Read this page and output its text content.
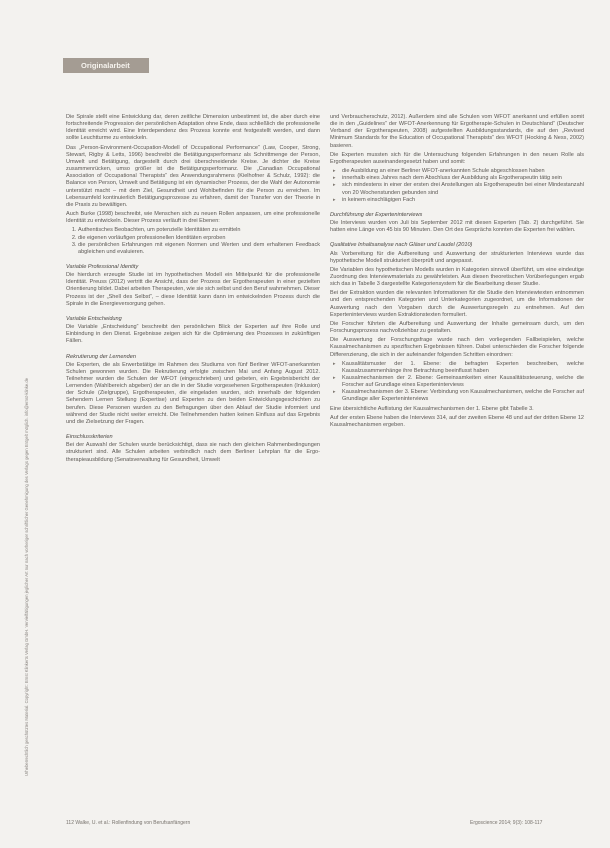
Originalarbeit
Urheberrechtlich geschütztes Material. Copyright: Ernst Klinkerts Verlag GmbH. Vervielfältigungen jeglicher Art nur nach vorheriger schriftlicher Genehmigung des Verlags gegen Entgelt möglich. info@ernst-klinke.de

Die Spirale stellt eine Entwicklung dar, deren zeitliche Dimension unbestimmt ist, die aber durch eine fortschreitende Progression der persönlichen Adaptation ohne Ende, dass schließlich die professionelle Identität erreicht wird. Eine Interdependenz des Prozess konnte erst festgestellt werden, und dann sollte Leuchtturme zu entwickeln.

Das „Person-Environment-Occupation-Modell of Occupational Performance“ (Law, Cooper, Strong, Stewart, Rigby & Letts, 1996) beschreibt die Betätigungsperformanz als Schnittmenge der Person, Umwelt und Betätigung, dargestellt durch drei überschneidende Kreise. Je dichter die Kreise zusammenrücken, umso größer ist die Betätigungsperformanz. Die „Canadian Occupational Association of Occupational Therapists“ des Anwendungsrahmens (Kielhofner & Schulz, 1992): die Balance von Person, Umwelt und Betätigung ist ein dynamischer Prozess, der die Wahl der Autonomie unterstützt macht – mit dem Ziel, Gesundheit und Wohlbefinden für die Person zu erreichen. Im Lebensumfeld kontinuierlich Betätigungsprozesse zu erfahren, damit der Transfer von der Theorie in die Praxis zu bewältigen.

Auch Burke (1998) beschreibt, wie Menschen sich zu neuen Rollen anpassen, um eine professionelle Identität zu entwickeln. Dieser Prozess verläuft in drei Ebenen:

1. Authentisches Beobachten, um potenzielle Identitäten zu ermitteln
2. die eigenen vorläufigen professionellen Identitäten erproben
3. die persönlichen Erfahrungen mit eigenen Normen und Werten und dem erhaltenen Feedback abgleichen und evaluieren.
Variable Professional Identity

Die hierdurch erzeugte Studie ist im hypothetischen Modell ein Mittelpunkt für die professionelle Identität. Preuss (2012) vertritt die Ansicht, dass der Prozess der Ergotherapeuten in einer gezielten Orientierung bildet. Dabei arbeiten Therapeuten, wie sie sich selbst und den Beruf wahrnehmen. Dieser Prozess ist der „Shell des Selbst“, – diese Identität kann dann im entwickelnden Prozess durch die Spirale in die Energieversorgung gehen.

Variable Entscheidung

Die Variable „Entscheidung“ beschreibt den persönlichen Blick der Experten auf ihre Rolle und Einbindung in den Dienst. Ergebnisse zeigen sich für die Optimierung des Prozesses in zukünftigen Fällen.

Rekrutierung der Lernenden

Die Experten, die als Erwerbstätige im Rahmen des Studiums von fünf Berliner WFOT-anerkannten Schulen gewonnen wurden. Die Rekrutierung erfolgte zwischen Mai und Anfang August 2012. Teilnehmer wurden die Schulen der WFOT (eingeschrieben) und gebeten, ein Ergebnisbericht der Lernenden (Wahlbereich abgeben) der an die in der Studie vorgesehenen Ergotherapeuten (Inklusion) der Schule (Zielgruppe), Ergotherapeuten, die eingeladen wurden, sich innerhalb der folgenden Sehendem Lernen Stellung (Expertise) und Experten zu den beiden Entwicklungsgeschichten zu berufen. Diese Personen wurden zu den Befragungen über den Ablauf der Studie informiert und während der Studie nicht weiter erreicht. Die Teilnehmenden hatten keinen Einfluss auf das Ergebnis und die Zielsetzung der Fragen.

Einschlusskriterien

Bei der Auswahl der Schulen wurde berücksichtigt, dass sie nach den gleichen Rahmenbedingungen strukturiert sind. Alle Schulen arbeiten verbindlich nach dem Berliner Lehrplan für die Ergotherapieausbildung (Senatsverwaltung für Gesundheit, Umwelt

und Verbraucherschutz, 2012). Außerdem sind alle Schulen vom WFOT anerkannt und erfüllen somit die in den „Guidelines“ der WFOT-Anerkennung für Ergotherapie-Schulen in Deutschland“ (Deutscher Verband der Ergotherapeuten, 2008) aufgestellten Ausbildungsstandards, die auf den „Revised Minimum Standards for the Education of Occupational Therapists“ des WFOT (Hocking & Ness, 2002) basieren.

Die Experten mussten sich für die Untersuchung folgenden Erfahrungen in den neuen Rolle als Ergotherapeuten auseinandergesetzt haben und somit:

▸ die Ausbildung an einer Berliner WFOT-anerkannten Schule abgeschlossen haben
▸ innerhalb eines Jahres nach dem Abschluss der Ausbildung als Ergotherapeutin tätig sein
▸ sich mindestens in einer der ersten drei Anstellungen als Ergotherapeutin bei einer Mindestanzahl von 20 Wochenstunden gebunden sind
▸ in keinem einschlägigen Fach
Durchführung der Experteninterviews

Die Interviews wurden von Juli bis September 2012 mit diesen Experten (Tab. 2) durchgeführt. Sie hatten eine Länge von 45 bis 90 Minuten. Den Ort des Gesprächs konnten die Experten frei wählen.

Qualitative Inhaltsanalyse nach Gläser und Laudel (2010)

Als Vorbereitung für die Aufbereitung und Auswertung der strukturierten Interviews wurde das hypothetische Modell strukturiert überprüft und angepasst.

Die Variablen des hypothetischen Modells wurden in Kategorien sinnvoll überführt, um eine eindeutige Zuordnung des Interviewmaterials zu gewährleisten. Aus diesen theoretischen Vorüberlegungen ergab sich das in Tabelle 3 dargestellte Kategoriensystem für die Bearbeitung dieser Studie.

Bei der Extraktion wurden die relevanten Informationen für die Studie den Interviewtexten entnommen und den entsprechenden Kategorien und Unterkategorien zugeordnet, um die Informationen der Auswertung nach den Vorgaben durch die Auswertungsregeln zu entnehmen. Auf den Experteninterviews wurden Extraktionstexten formuliert.

Die Forscher führten die Aufbereitung und Auswertung der Inhalte gemeinsam durch, um den Forschungsprozess nachvollziehbar zu gestalten.

Die Auswertung der Forschungsfrage wurde nach den vorliegenden Fallbeispielen, welche Kausalmechanismen zu spezifischen Ergebnissen führen. Dabei unterschieden die Forscher folgende Differenzierung, die sich in der aufeinander folgenden Schritten einordnen:

▸ Kausalitätsmuster der 1. Ebene: die befragten Experten beschreiben, welche Kausalzusammenhänge ihre Betrachtung beeinflusst haben
▸ Kausalmechanismen der 2. Ebene: Gemeinsamkeiten einer Kausalitätssteuerung, welche die Forscher auf Grundlage eines Experteninterviews
▸ Kausalmechanismen der 3. Ebene: Verbindung von Kausalmechanismen, welche die Forscher auf Grundlage aller Experteninterviews

Eine übersichtliche Auflistung der Kausalmechanismen der 1. Ebene gibt Tabelle 3.

Auf der ersten Ebene haben die Interviews 314, auf der zweiten Ebene 48 und auf der dritten Ebene 12 Kausalmechanismen ergeben.

112 Walke, U. et al.: Rollenfindung von Berufsanfängern	Ergoscience 2014; 9(3): 108-117
